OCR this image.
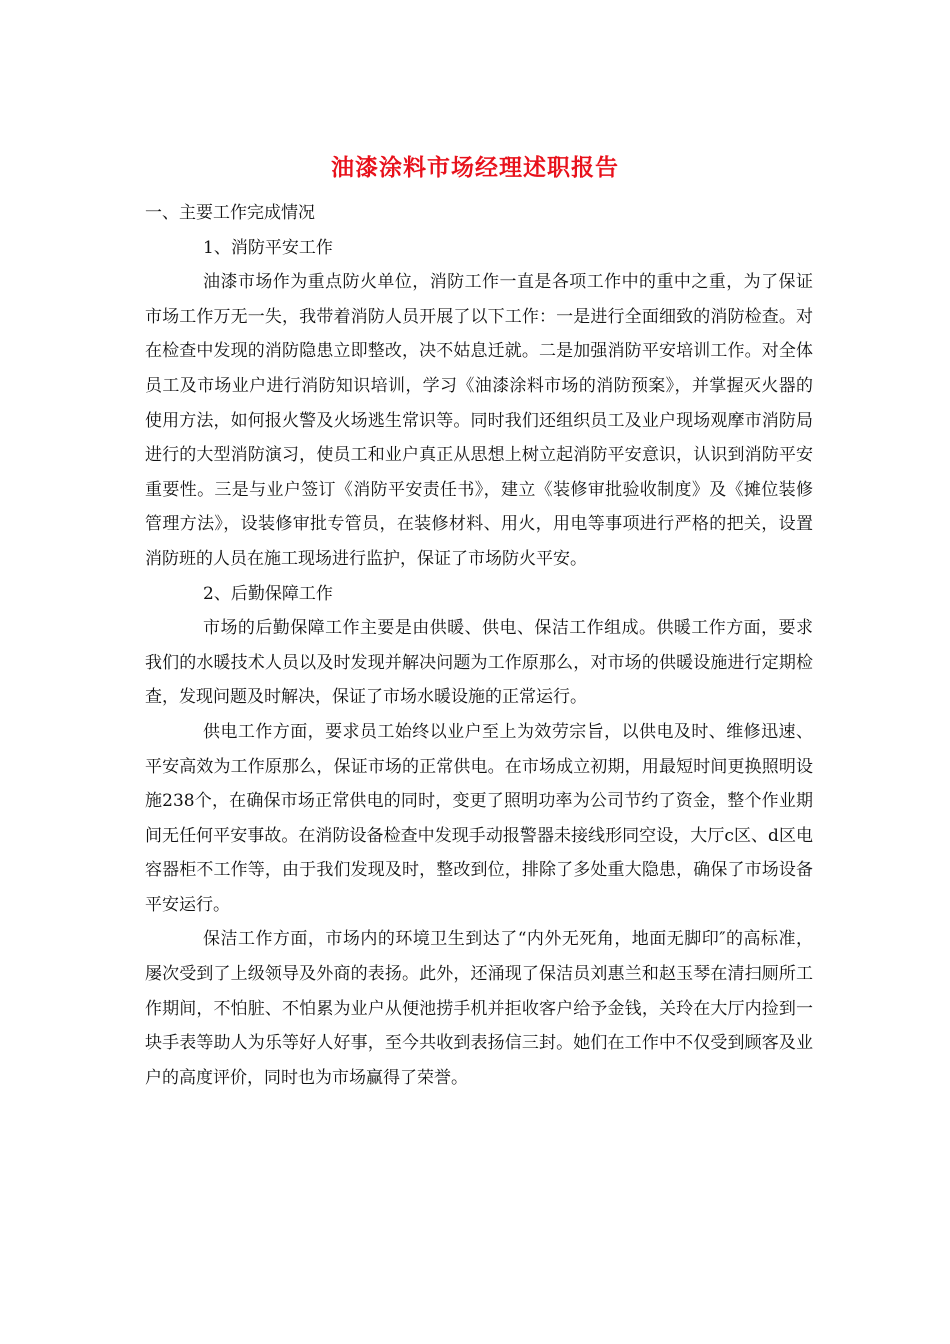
油漆涂料市场经理述职报告

一、主要工作完成情况

1、消防平安工作

油漆市场作为重点防火单位，消防工作一直是各项工作中的重中之重，为了保证市场工作万无一失，我带着消防人员开展了以下工作：一是进行全面细致的消防检查。对在检查中发现的消防隐患立即整改，决不姑息迁就。二是加强消防平安培训工作。对全体员工及市场业户进行消防知识培训，学习《油漆涂料市场的消防预案》，并掌握灭火器的使用方法，如何报火警及火场逃生常识等。同时我们还组织员工及业户现场观摩市消防局进行的大型消防演习，使员工和业户真正从思想上树立起消防平安意识，认识到消防平安重要性。三是与业户签订《消防平安责任书》，建立《装修审批验收制度》及《摊位装修管理方法》，设装修审批专管员，在装修材料、用火，用电等事项进行严格的把关，设置消防班的人员在施工现场进行监护，保证了市场防火平安。

2、后勤保障工作

市场的后勤保障工作主要是由供暖、供电、保洁工作组成。供暖工作方面，要求我们的水暖技术人员以及时发现并解决问题为工作原那么，对市场的供暖设施进行定期检查，发现问题及时解决，保证了市场水暖设施的正常运行。

供电工作方面，要求员工始终以业户至上为效劳宗旨，以供电及时、维修迅速、平安高效为工作原那么，保证市场的正常供电。在市场成立初期，用最短时间更换照明设施238个，在确保市场正常供电的同时，变更了照明功率为公司节约了资金，整个作业期间无任何平安事故。在消防设备检查中发现手动报警器未接线形同空设，大厅c区、d区电容器柜不工作等，由于我们发现及时，整改到位，排除了多处重大隐患，确保了市场设备平安运行。

保洁工作方面，市场内的环境卫生到达了“内外无死角，地面无脚印″的高标准，屡次受到了上级领导及外商的表扬。此外，还涌现了保洁员刘惠兰和赵玉琴在清扫厕所工作期间，不怕脏、不怕累为业户从便池捞手机并拒收客户给予金钱，关玲在大厅内捡到一块手表等助人为乐等好人好事，至今共收到表扬信三封。她们在工作中不仅受到顾客及业户的高度评价，同时也为市场赢得了荣誉。
